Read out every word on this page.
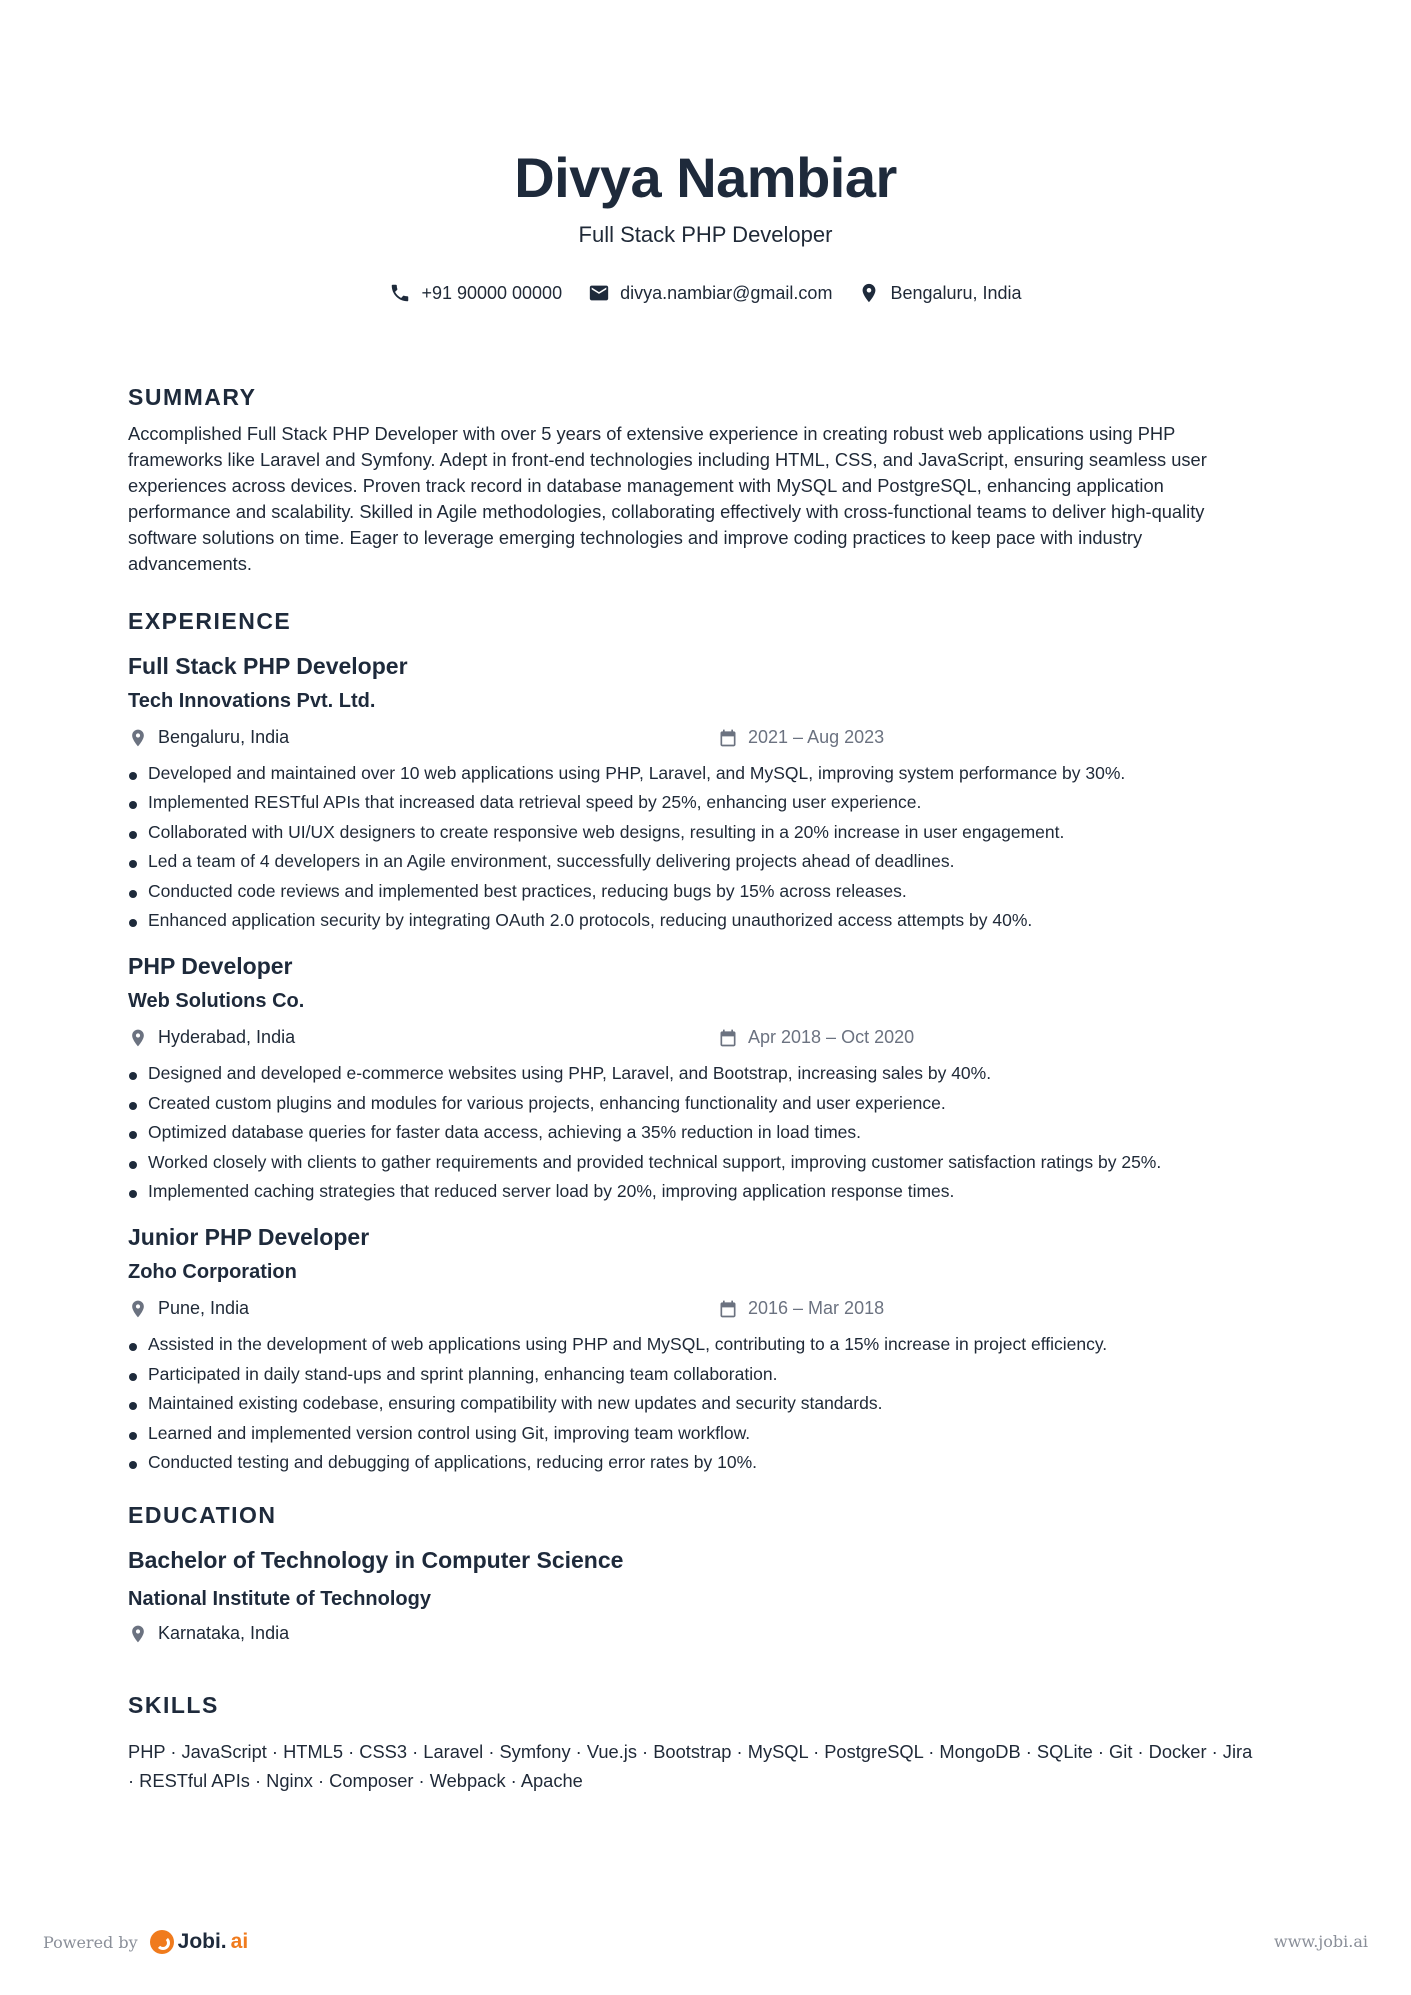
Divya Nambiar
Full Stack PHP Developer
+91 90000 00000	divya.nambiar@gmail.com	Bengaluru, India
SUMMARY

Accomplished Full Stack PHP Developer with over 5 years of extensive experience in creating robust web applications using PHP frameworks like Laravel and Symfony. Adept in front-end technologies including HTML, CSS, and JavaScript, ensuring seamless user experiences across devices. Proven track record in database management with MySQL and PostgreSQL, enhancing application performance and scalability. Skilled in Agile methodologies, collaborating effectively with cross-functional teams to deliver high-quality software solutions on time. Eager to leverage emerging technologies and improve coding practices to keep pace with industry advancements.

EXPERIENCE
Full Stack PHP Developer
Tech Innovations Pvt. Ltd.
Bengaluru, India	2021 – Aug 2023
Developed and maintained over 10 web applications using PHP, Laravel, and MySQL, improving system performance by 30%.
Implemented RESTful APIs that increased data retrieval speed by 25%, enhancing user experience.
Collaborated with UI/UX designers to create responsive web designs, resulting in a 20% increase in user engagement.
Led a team of 4 developers in an Agile environment, successfully delivering projects ahead of deadlines.
Conducted code reviews and implemented best practices, reducing bugs by 15% across releases.
Enhanced application security by integrating OAuth 2.0 protocols, reducing unauthorized access attempts by 40%.
PHP Developer
Web Solutions Co.
Hyderabad, India	Apr 2018 – Oct 2020
Designed and developed e-commerce websites using PHP, Laravel, and Bootstrap, increasing sales by 40%.
Created custom plugins and modules for various projects, enhancing functionality and user experience.
Optimized database queries for faster data access, achieving a 35% reduction in load times.
Worked closely with clients to gather requirements and provided technical support, improving customer satisfaction ratings by 25%.
Implemented caching strategies that reduced server load by 20%, improving application response times.
Junior PHP Developer
Zoho Corporation
Pune, India	2016 – Mar 2018
Assisted in the development of web applications using PHP and MySQL, contributing to a 15% increase in project efficiency.
Participated in daily stand-ups and sprint planning, enhancing team collaboration.
Maintained existing codebase, ensuring compatibility with new updates and security standards.
Learned and implemented version control using Git, improving team workflow.
Conducted testing and debugging of applications, reducing error rates by 10%.
EDUCATION
Bachelor of Technology in Computer Science
National Institute of Technology
Karnataka, India
SKILLS

PHP · JavaScript · HTML5 · CSS3 · Laravel · Symfony · Vue.js · Bootstrap · MySQL · PostgreSQL · MongoDB · SQLite · Git · Docker · Jira · RESTful APIs · Nginx · Composer · Webpack · Apache

Powered by Jobi. ai	www.jobi.ai
